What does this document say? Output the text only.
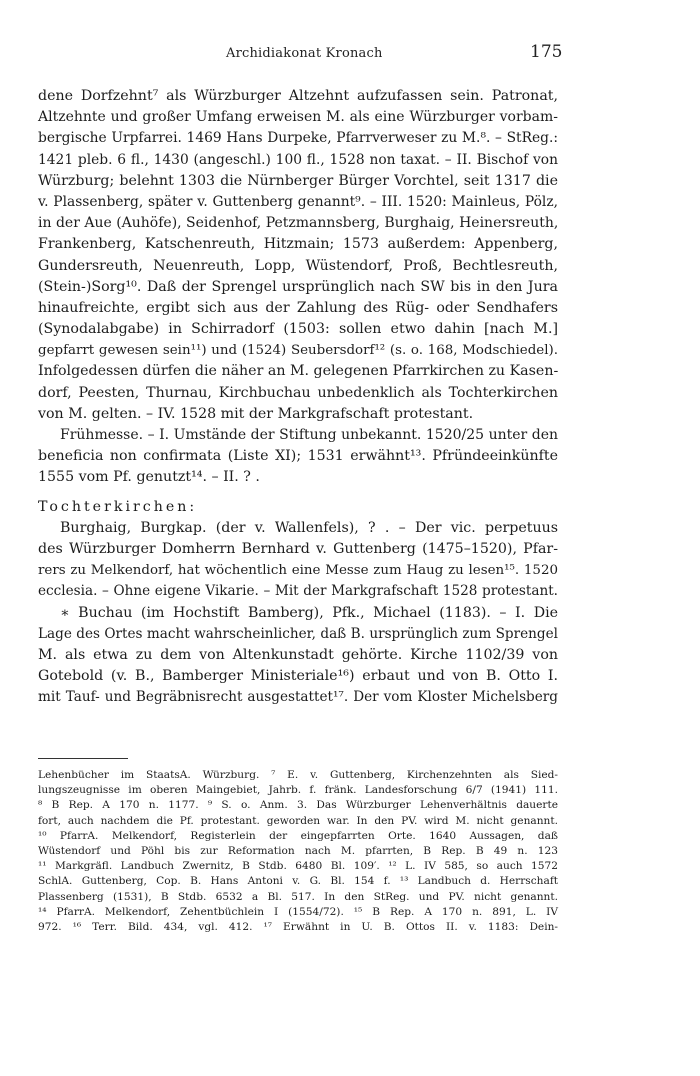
Archidiakonat Kronach	175
dene Dorfzehnt⁷ als Würzburger Altzehnt aufzufassen sein. Patronat,
Altzehnte und großer Umfang erweisen M. als eine Würzburger vorbam-
bergische Urpfarrei. 1469 Hans Durpeke, Pfarrverweser zu M.⁸. – StReg.:
1421 pleb. 6 fl., 1430 (angeschl.) 100 fl., 1528 non taxat. – II. Bischof von
Würzburg; belehnt 1303 die Nürnberger Bürger Vorchtel, seit 1317 die
v. Plassenberg, später v. Guttenberg genannt⁹. – III. 1520: Mainleus, Pölz,
in der Aue (Auhöfe), Seidenhof, Petzmannsberg, Burghaig, Heinersreuth,
Frankenberg, Katschenreuth, Hitzmain; 1573 außerdem: Appenberg,
Gundersreuth, Neuenreuth, Lopp, Wüstendorf, Proß, Bechtlesreuth,
(Stein-)Sorg¹⁰. Daß der Sprengel ursprünglich nach SW bis in den Jura
hinaufreichte, ergibt sich aus der Zahlung des Rüg- oder Sendhafers
(Synodalabgabe) in Schirradorf (1503: sollen etwo dahin [nach M.]
gepfarrt gewesen sein¹¹) und (1524) Seubersdorf¹² (s. o. 168, Modschiedel).
Infolgedessen dürfen die näher an M. gelegenen Pfarrkirchen zu Kasen-
dorf, Peesten, Thurnau, Kirchbuchau unbedenklich als Tochterkirchen
von M. gelten. – IV. 1528 mit der Markgrafschaft protestant.
Frühmesse. – I. Umstände der Stiftung unbekannt. 1520/25 unter den
beneficia non confirmata (Liste XI); 1531 erwähnt¹³. Pfründeeinkünfte
1555 vom Pf. genutzt¹⁴. – II. ? .
Tochterkirchen:
Burghaig, Burgkap. (der v. Wallenfels), ? . – Der vic. perpetuus
des Würzburger Domherrn Bernhard v. Guttenberg (1475–1520), Pfar-
rers zu Melkendorf, hat wöchentlich eine Messe zum Haug zu lesen¹⁵. 1520
ecclesia. – Ohne eigene Vikarie. – Mit der Markgrafschaft 1528 protestant.
∗ Buchau (im Hochstift Bamberg), Pfk., Michael (1183). – I. Die
Lage des Ortes macht wahrscheinlicher, daß B. ursprünglich zum Sprengel
M. als etwa zu dem von Altenkunstadt gehörte. Kirche 1102/39 von
Gotebold (v. B., Bamberger Ministeriale¹⁶) erbaut und von B. Otto I.
mit Tauf- und Begräbnisrecht ausgestattet¹⁷. Der vom Kloster Michelsberg
Lehenbücher im StaatsA. Würzburg. ⁷ E. v. Guttenberg, Kirchenzehnten als Sied-
lungszeugnisse im oberen Maingebiet, Jahrb. f. fränk. Landesforschung 6/7 (1941) 111.
⁸ B Rep. A 170 n. 1177. ⁹ S. o. Anm. 3. Das Würzburger Lehenverhältnis dauerte
fort, auch nachdem die Pf. protestant. geworden war. In den PV. wird M. nicht genannt.
¹⁰ PfarrA. Melkendorf, Registerlein der eingepfarrten Orte. 1640 Aussagen, daß
Wüstendorf und Pöhl bis zur Reformation nach M. pfarrten, B Rep. B 49 n. 123
¹¹ Markgräfl. Landbuch Zwernitz, B Stdb. 6480 Bl. 109′. ¹² L. IV 585, so auch 1572
SchlA. Guttenberg, Cop. B. Hans Antoni v. G. Bl. 154 f. ¹³ Landbuch d. Herrschaft
Plassenberg (1531), B Stdb. 6532 a Bl. 517. In den StReg. und PV. nicht genannt.
¹⁴ PfarrA. Melkendorf, Zehentbüchlein I (1554/72). ¹⁵ B Rep. A 170 n. 891, L. IV
972. ¹⁶ Terr. Bild. 434, vgl. 412. ¹⁷ Erwähnt in U. B. Ottos II. v. 1183: Dein-
